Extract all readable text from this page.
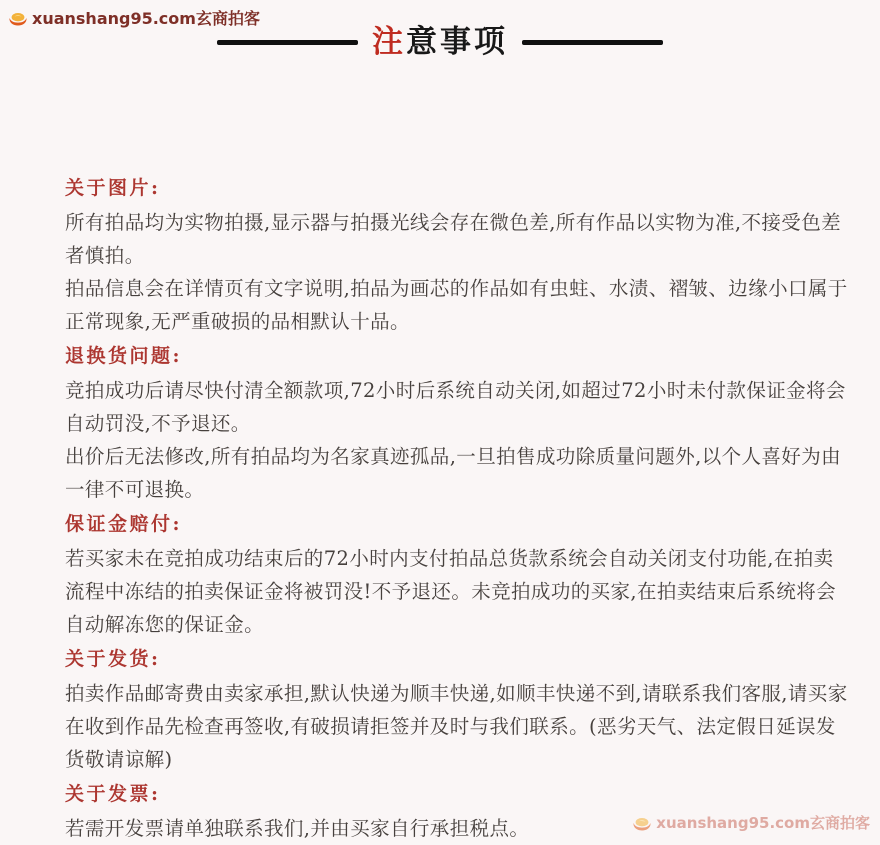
xuanshang95.com玄商拍客
注意事项
关于图片:

所有拍品均为实物拍摄,显示器与拍摄光线会存在微色差,所有作品以实物为准,不接受色差者慎拍。

拍品信息会在详情页有文字说明,拍品为画芯的作品如有虫蛀、水渍、褶皱、边缘小口属于正常现象,无严重破损的品相默认十品。

退换货问题:

竞拍成功后请尽快付清全额款项,72小时后系统自动关闭,如超过72小时未付款保证金将会自动罚没,不予退还。

出价后无法修改,所有拍品均为名家真迹孤品,一旦拍售成功除质量问题外,以个人喜好为由一律不可退换。

保证金赔付:

若买家未在竞拍成功结束后的72小时内支付拍品总货款系统会自动关闭支付功能,在拍卖流程中冻结的拍卖保证金将被罚没!不予退还。未竞拍成功的买家,在拍卖结束后系统将会自动解冻您的保证金。

关于发货:

拍卖作品邮寄费由卖家承担,默认快递为顺丰快递,如顺丰快递不到,请联系我们客服,请买家在收到作品先检查再签收,有破损请拒签并及时与我们联系。(恶劣天气、法定假日延误发货敬请谅解)

关于发票:

若需开发票请单独联系我们,并由买家自行承担税点。	xuanshang95.com玄商拍客
